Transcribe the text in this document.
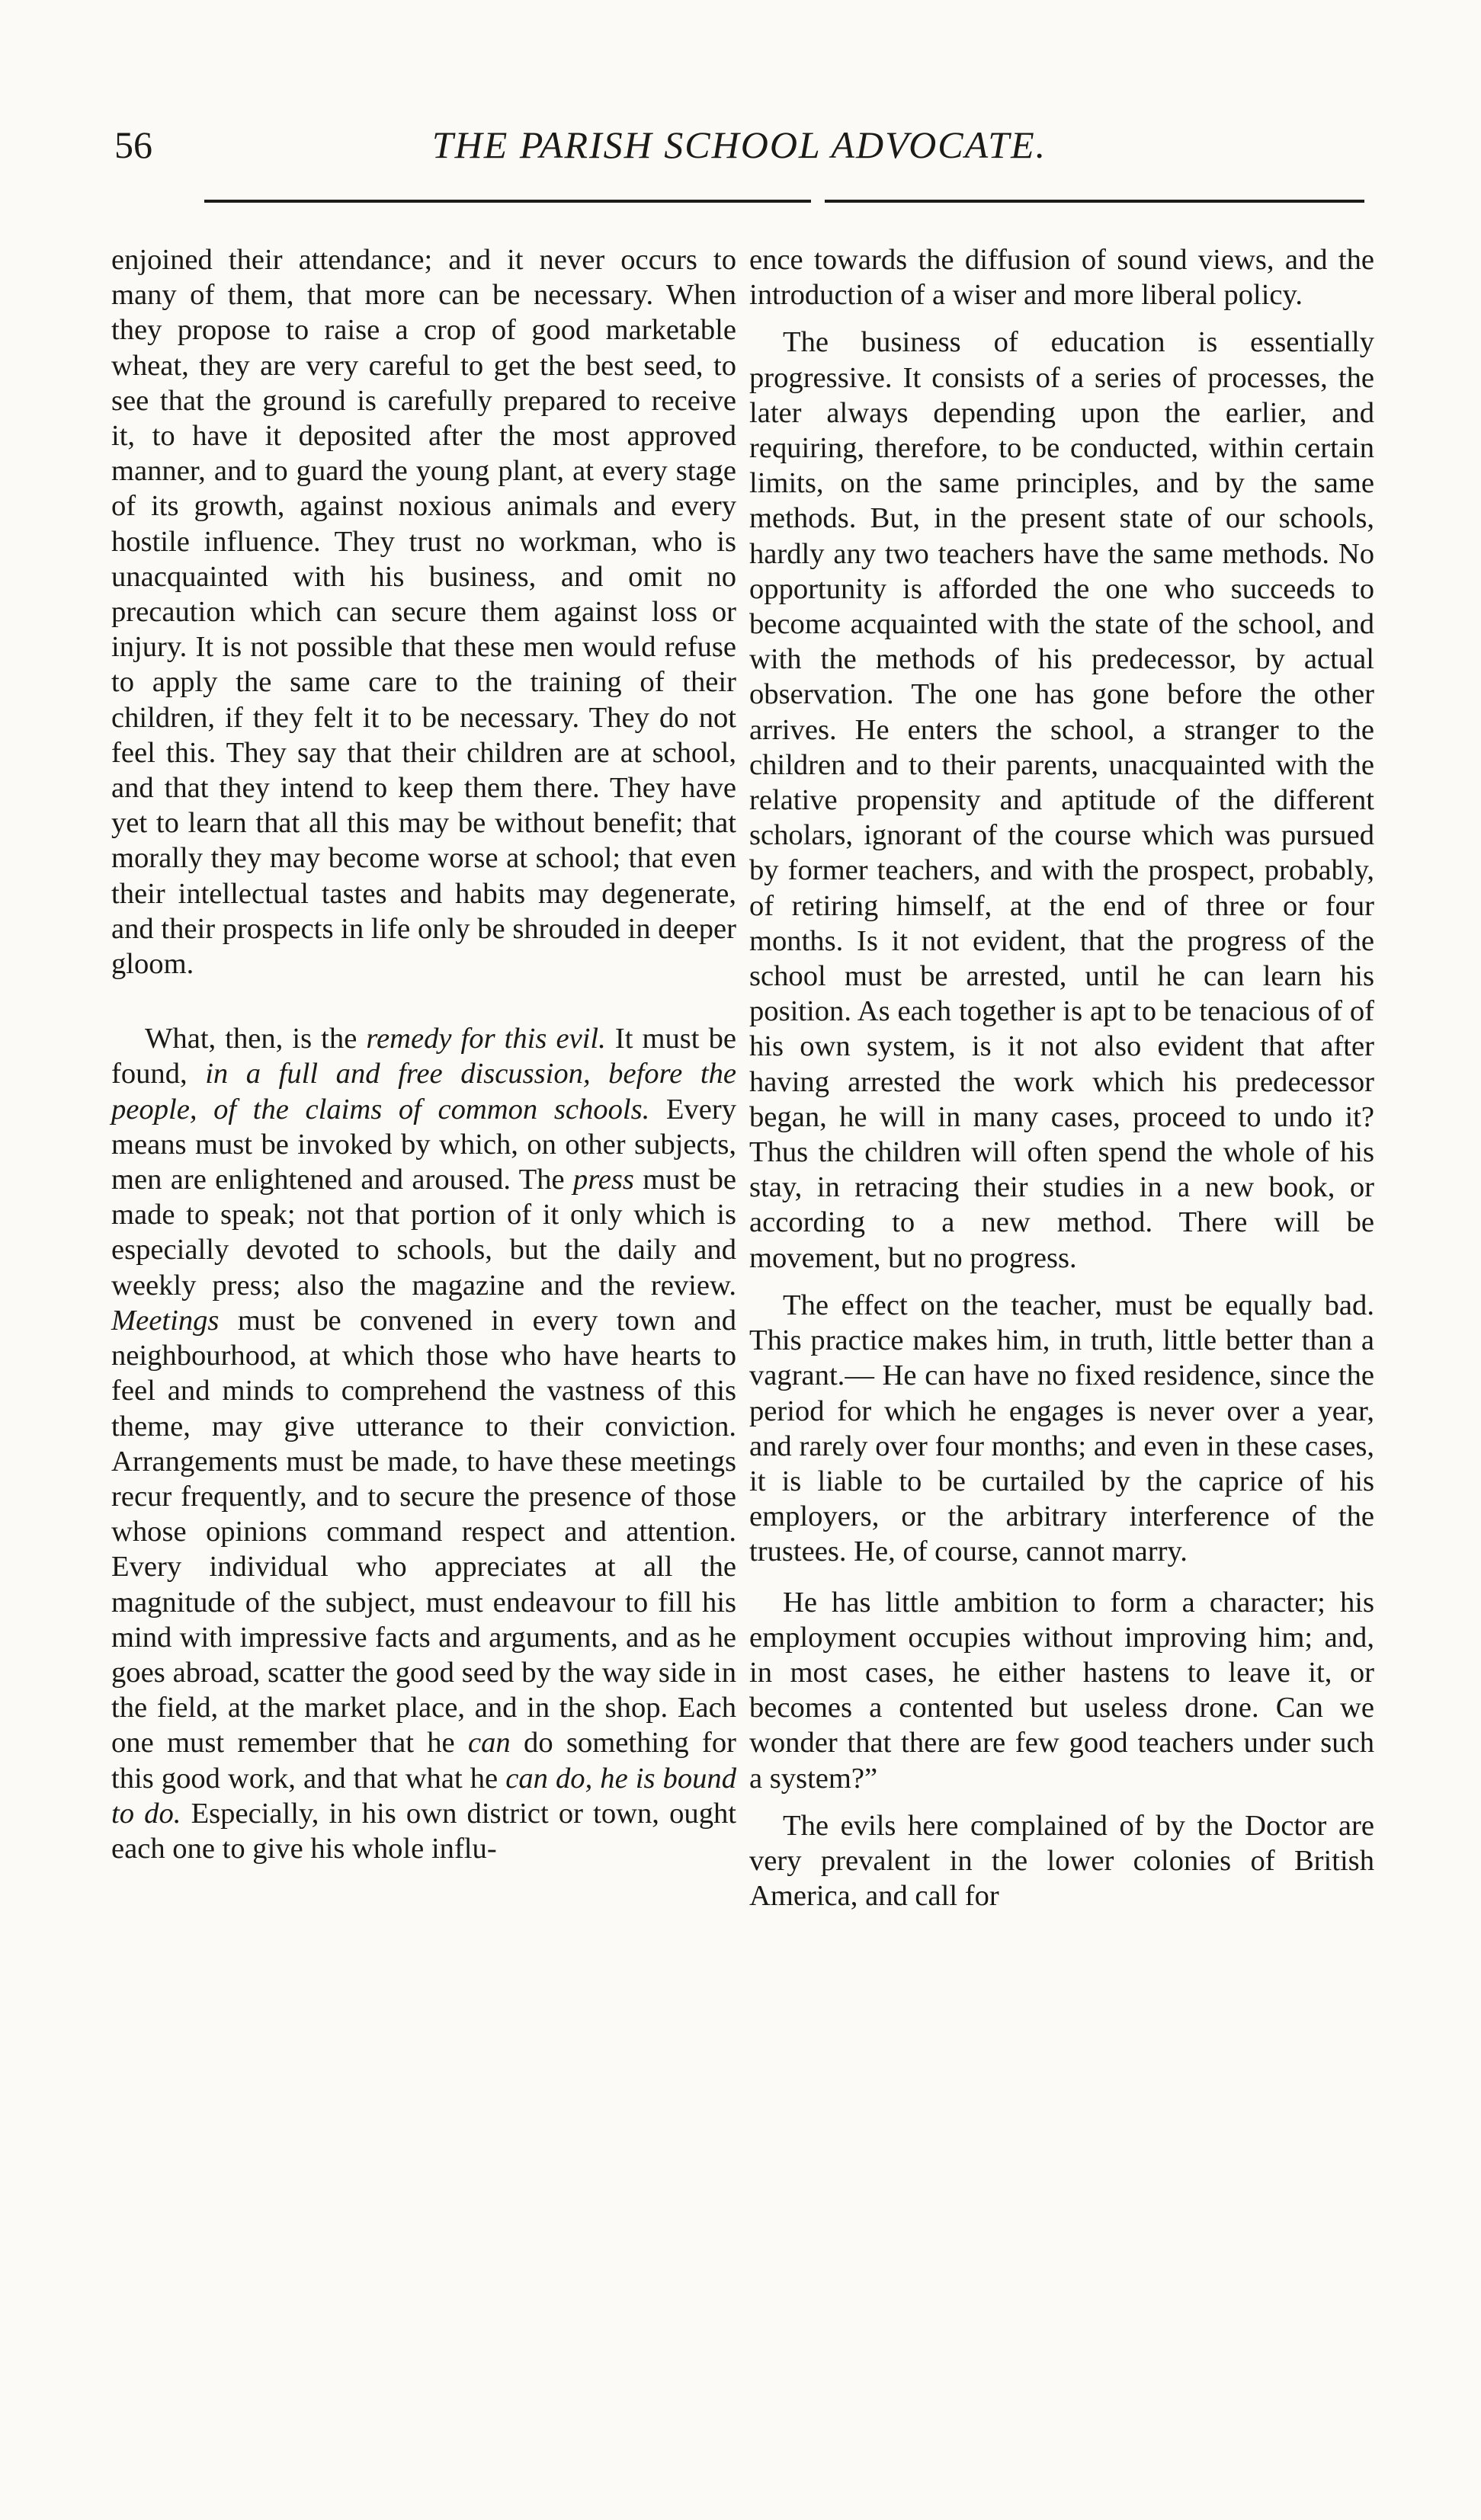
56	THE PARISH SCHOOL ADVOCATE.

enjoined their attendance; and it never occurs to many of them, that more can be necessary. When they propose to raise a crop of good marketable wheat, they are very careful to get the best seed, to see that the ground is carefully prepared to receive it, to have it deposited after the most approved manner, and to guard the young plant, at every stage of its growth, against noxious animals and every hostile influence. They trust no workman, who is unacquainted with his business, and omit no precaution which can secure them against loss or injury. It is not possible that these men would refuse to apply the same care to the training of their children, if they felt it to be necessary. They do not feel this. They say that their children are at school, and that they intend to keep them there. They have yet to learn that all this may be without benefit; that morally they may become worse at school; that even their intellectual tastes and habits may degenerate, and their prospects in life only be shrouded in deeper gloom.

What, then, is the remedy for this evil. It must be found, in a full and free discussion, before the people, of the claims of common schools. Every means must be invoked by which, on other subjects, men are enlightened and aroused. The press must be made to speak; not that portion of it only which is especially devoted to schools, but the daily and weekly press; also the magazine and the review. Meetings must be convened in every town and neighbourhood, at which those who have hearts to feel and minds to comprehend the vastness of this theme, may give utterance to their conviction. Arrangements must be made, to have these meetings recur frequently, and to secure the presence of those whose opinions command respect and attention. Every individual who appreciates at all the magnitude of the subject, must endeavour to fill his mind with impressive facts and arguments, and as he goes abroad, scatter the good seed by the way side in the field, at the market place, and in the shop. Each one must remember that he can do something for this good work, and that what he can do, he is bound to do. Especially, in his own district or town, ought each one to give his whole influ-

ence towards the diffusion of sound views, and the introduction of a wiser and more liberal policy.

The business of education is essentially progressive. It consists of a series of processes, the later always depending upon the earlier, and requiring, therefore, to be conducted, within certain limits, on the same principles, and by the same methods. But, in the present state of our schools, hardly any two teachers have the same methods. No opportunity is afforded the one who succeeds to become acquainted with the state of the school, and with the methods of his predecessor, by actual observation. The one has gone before the other arrives. He enters the school, a stranger to the children and to their parents, unacquainted with the relative propensity and aptitude of the different scholars, ignorant of the course which was pursued by former teachers, and with the prospect, probably, of retiring himself, at the end of three or four months. Is it not evident, that the progress of the school must be arrested, until he can learn his position. As each together is apt to be tenacious of of his own system, is it not also evident that after having arrested the work which his predecessor began, he will in many cases, proceed to undo it? Thus the children will often spend the whole of his stay, in retracing their studies in a new book, or according to a new method. There will be movement, but no progress.

The effect on the teacher, must be equally bad. This practice makes him, in truth, little better than a vagrant.— He can have no fixed residence, since the period for which he engages is never over a year, and rarely over four months; and even in these cases, it is liable to be curtailed by the caprice of his employers, or the arbitrary interference of the trustees. He, of course, cannot marry.

He has little ambition to form a character; his employment occupies without improving him; and, in most cases, he either hastens to leave it, or becomes a contented but useless drone. Can we wonder that there are few good teachers under such a system?”

The evils here complained of by the Doctor are very prevalent in the lower colonies of British America, and call for
